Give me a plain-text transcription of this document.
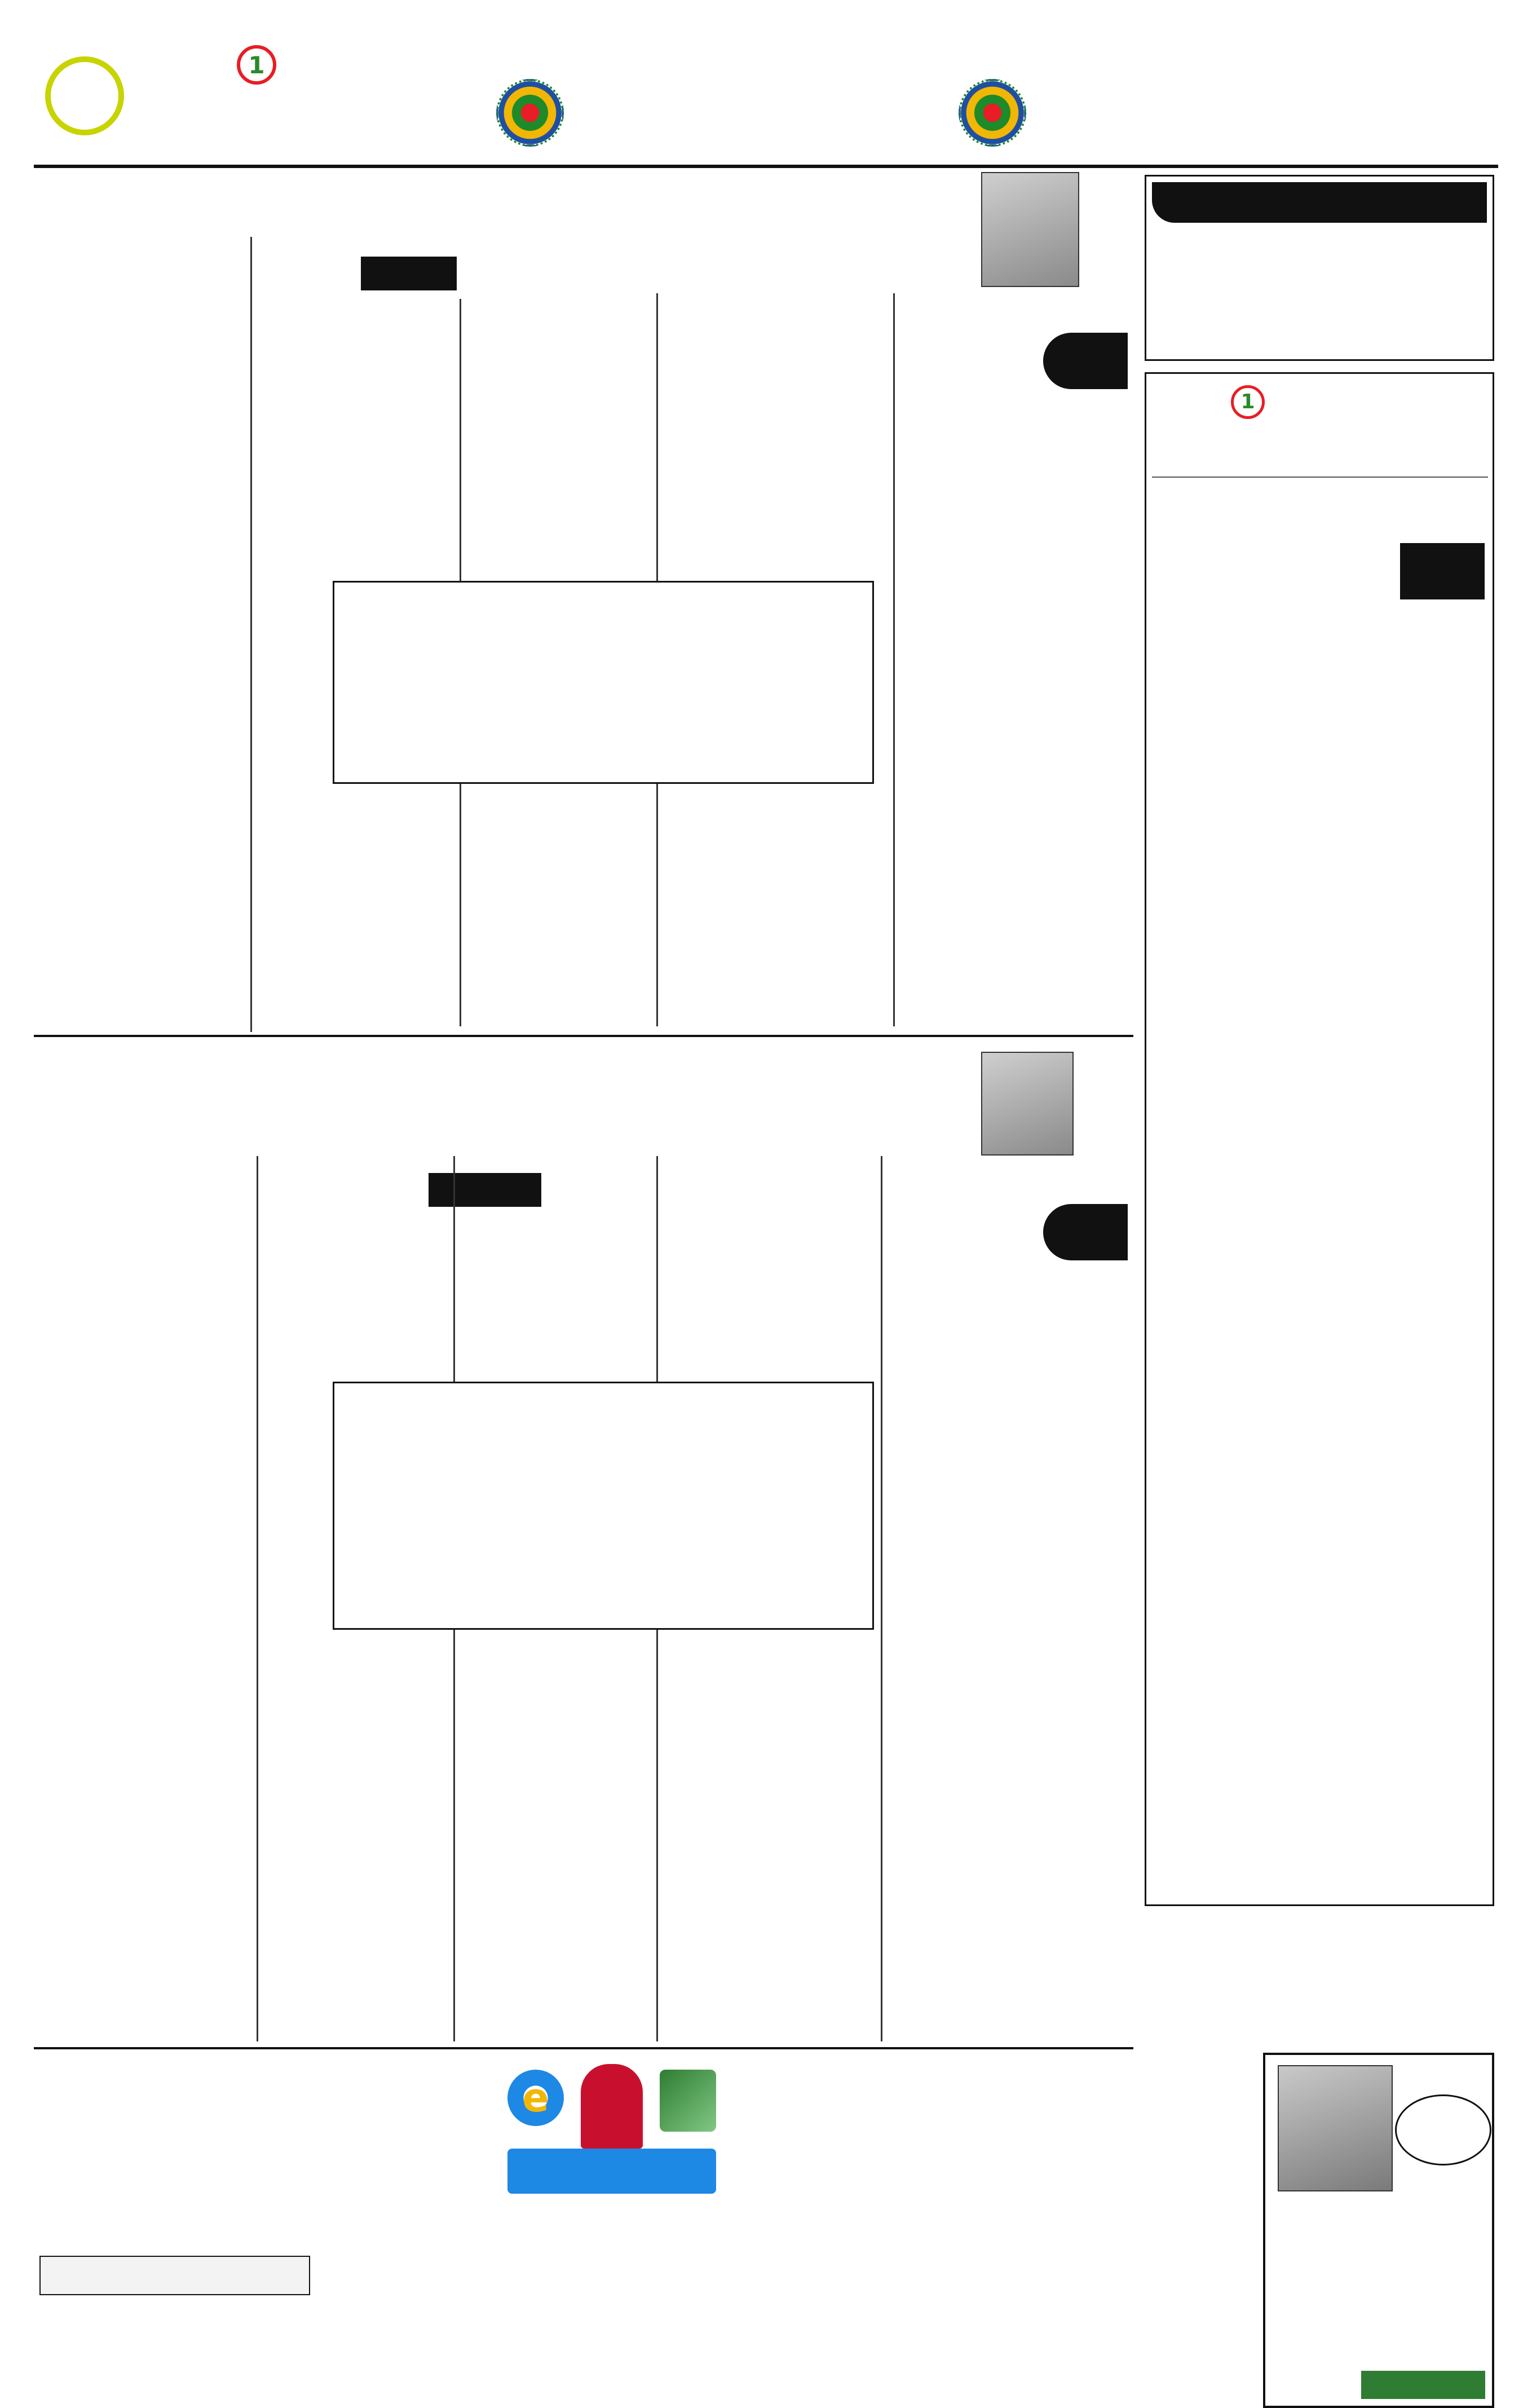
1
1
e
